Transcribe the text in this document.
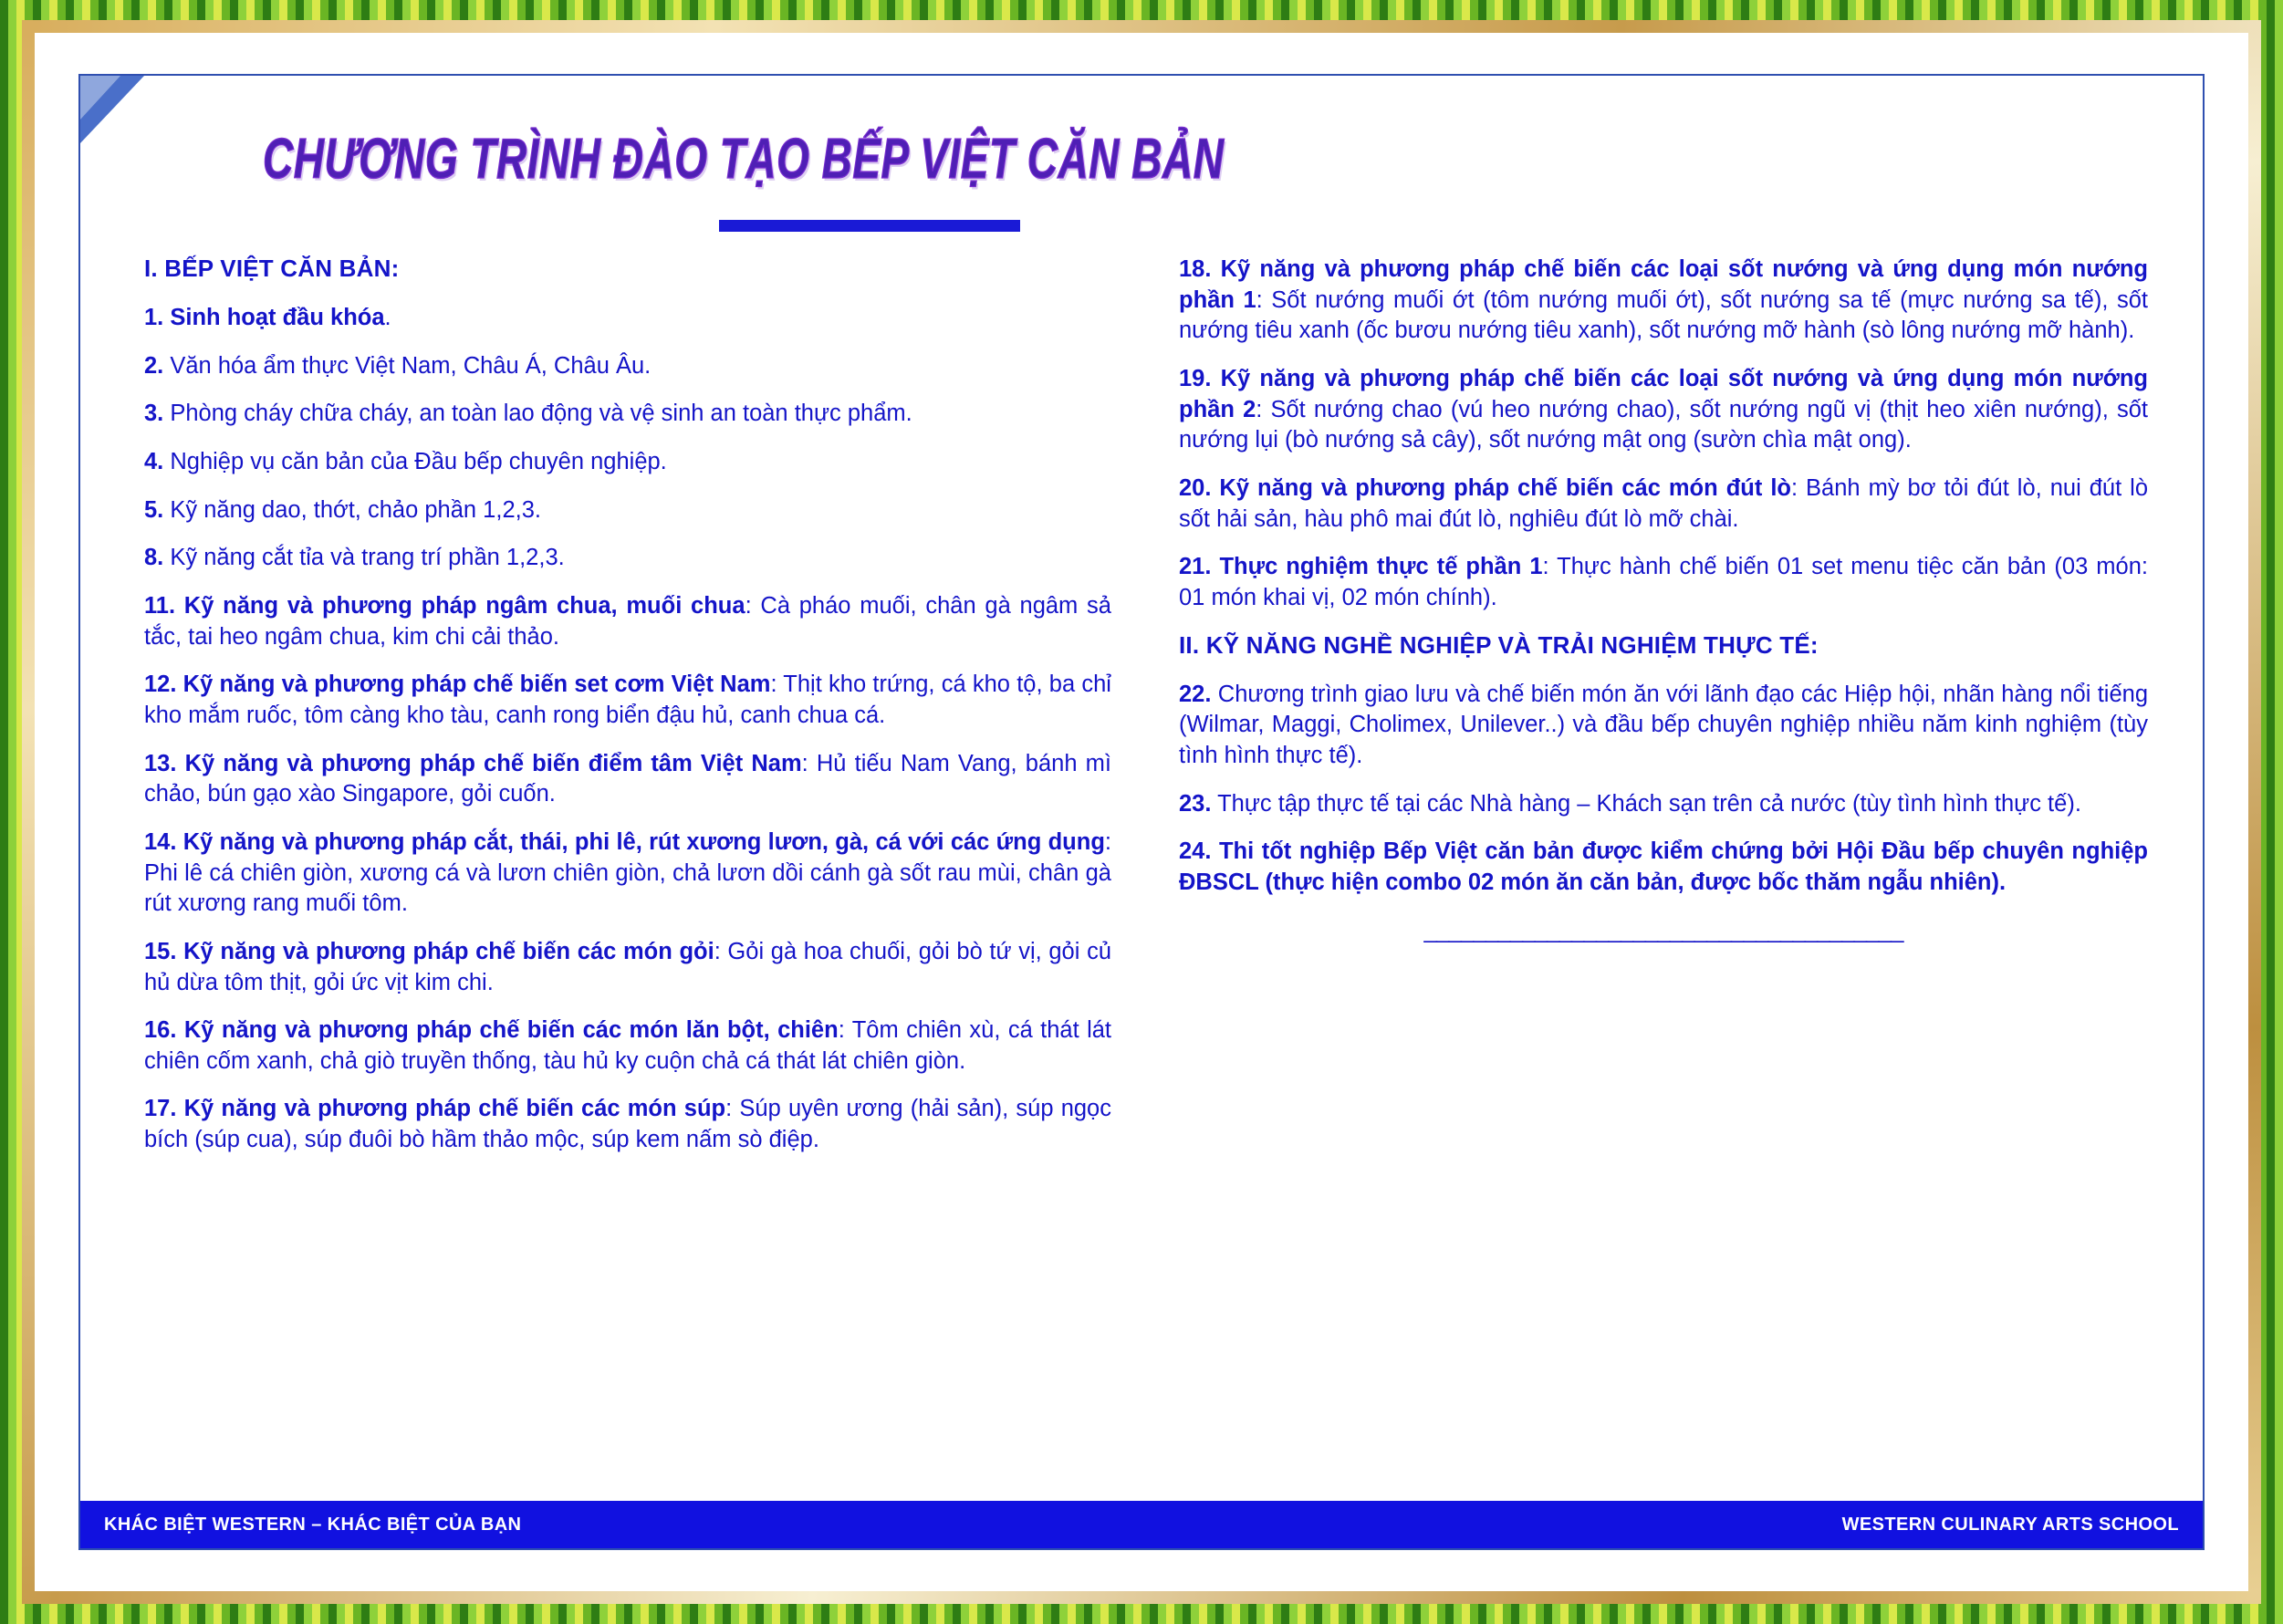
CHƯƠNG TRÌNH ĐÀO TẠO BẾP VIỆT CĂN BẢN
I. BẾP VIỆT CĂN BẢN:

1. Sinh hoạt đầu khóa.

2. Văn hóa ẩm thực Việt Nam, Châu Á, Châu Âu.

3. Phòng cháy chữa cháy, an toàn lao động và vệ sinh an toàn thực phẩm.

4. Nghiệp vụ căn bản của Đầu bếp chuyên nghiệp.

5. Kỹ năng dao, thớt, chảo phần 1,2,3.

8. Kỹ năng cắt tỉa và trang trí phần 1,2,3.

11. Kỹ năng và phương pháp ngâm chua, muối chua: Cà pháo muối, chân gà ngâm sả tắc, tai heo ngâm chua, kim chi cải thảo.

12. Kỹ năng và phương pháp chế biến set cơm Việt Nam: Thịt kho trứng, cá kho tộ, ba chỉ kho mắm ruốc, tôm càng kho tàu, canh rong biển đậu hủ, canh chua cá.

13. Kỹ năng và phương pháp chế biến điểm tâm Việt Nam: Hủ tiếu Nam Vang, bánh mì chảo, bún gạo xào Singapore, gỏi cuốn.

14. Kỹ năng và phương pháp cắt, thái, phi lê, rút xương lươn, gà, cá với các ứng dụng: Phi lê cá chiên giòn, xương cá và lươn chiên giòn, chả lươn dồi cánh gà sốt rau mùi, chân gà rút xương rang muối tôm.

15. Kỹ năng và phương pháp chế biến các món gỏi: Gỏi gà hoa chuối, gỏi bò tứ vị, gỏi củ hủ dừa tôm thịt, gỏi ức vịt kim chi.

16. Kỹ năng và phương pháp chế biến các món lăn bột, chiên: Tôm chiên xù, cá thát lát chiên cốm xanh, chả giò truyền thống, tàu hủ ky cuộn chả cá thát lát chiên giòn.

17. Kỹ năng và phương pháp chế biến các món súp: Súp uyên ương (hải sản), súp ngọc bích (súp cua), súp đuôi bò hầm thảo mộc, súp kem nấm sò điệp.

18. Kỹ năng và phương pháp chế biến các loại sốt nướng và ứng dụng món nướng phần 1: Sốt nướng muối ớt (tôm nướng muối ớt), sốt nướng sa tế (mực nướng sa tế), sốt nướng tiêu xanh (ốc bươu nướng tiêu xanh), sốt nướng mỡ hành (sò lông nướng mỡ hành).

19. Kỹ năng và phương pháp chế biến các loại sốt nướng và ứng dụng món nướng phần 2: Sốt nướng chao (vú heo nướng chao), sốt nướng ngũ vị (thịt heo xiên nướng), sốt nướng lụi (bò nướng sả cây), sốt nướng mật ong (sườn chìa mật ong).

20. Kỹ năng và phương pháp chế biến các món đút lò: Bánh mỳ bơ tỏi đút lò, nui đút lò sốt hải sản, hàu phô mai đút lò, nghiêu đút lò mỡ chài.

21. Thực nghiệm thực tế phần 1: Thực hành chế biến 01 set menu tiệc căn bản (03 món: 01 món khai vị, 02 món chính).

II. KỸ NĂNG NGHỀ NGHIỆP VÀ TRẢI NGHIỆM THỰC TẾ:

22. Chương trình giao lưu và chế biến món ăn với lãnh đạo các Hiệp hội, nhãn hàng nổi tiếng (Wilmar, Maggi, Cholimex, Unilever..) và đầu bếp chuyên nghiệp nhiều năm kinh nghiệm (tùy tình hình thực tế).

23. Thực tập thực tế tại các Nhà hàng – Khách sạn trên cả nước (tùy tình hình thực tế).

24. Thi tốt nghiệp Bếp Việt căn bản được kiểm chứng bởi Hội Đầu bếp chuyên nghiệp ĐBSCL (thực hiện combo 02 món ăn căn bản, được bốc thăm ngẫu nhiên).

_______________________________________
KHÁC BIỆT WESTERN – KHÁC BIỆT CỦA BẠN	WESTERN CULINARY ARTS SCHOOL
